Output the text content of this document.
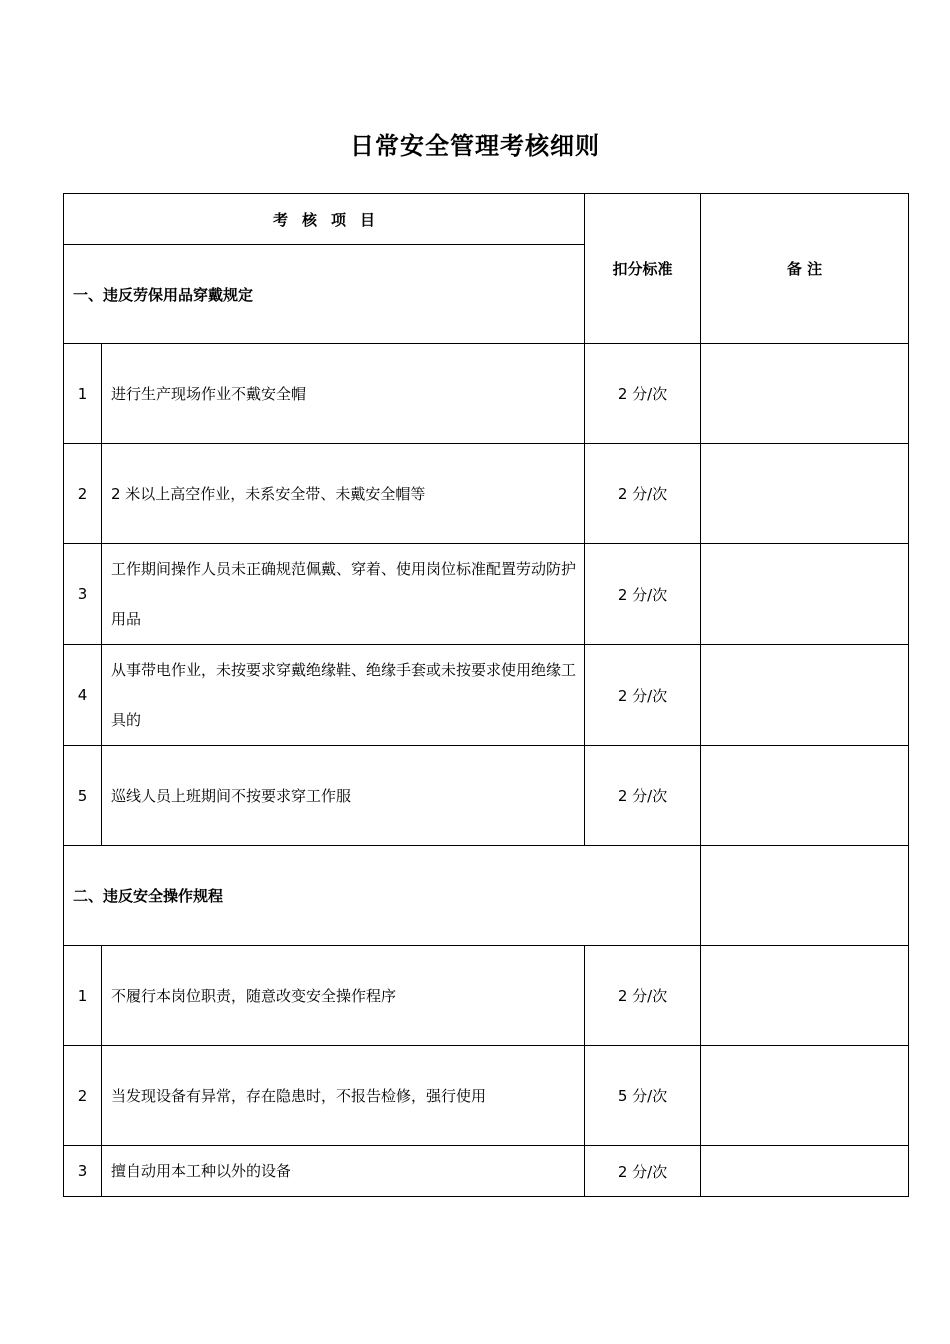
日常安全管理考核细则
考核项目		扣分标准	备 注
一、违反劳保用品穿戴规定			
1	进行生产现场作业不戴安全帽	2 分/次	
2	2 米以上高空作业，未系安全带、未戴安全帽等	2 分/次	
3	工作期间操作人员未正确规范佩戴、穿着、使用岗位标准配置劳动防护用品	2 分/次	
4	从事带电作业，未按要求穿戴绝缘鞋、绝缘手套或未按要求使用绝缘工具的	2 分/次	
5	巡线人员上班期间不按要求穿工作服	2 分/次	
二、违反安全操作规程			
1	不履行本岗位职责，随意改变安全操作程序	2 分/次	
2	当发现设备有异常，存在隐患时，不报告检修，强行使用	5 分/次	
3	擅自动用本工种以外的设备	2 分/次	
